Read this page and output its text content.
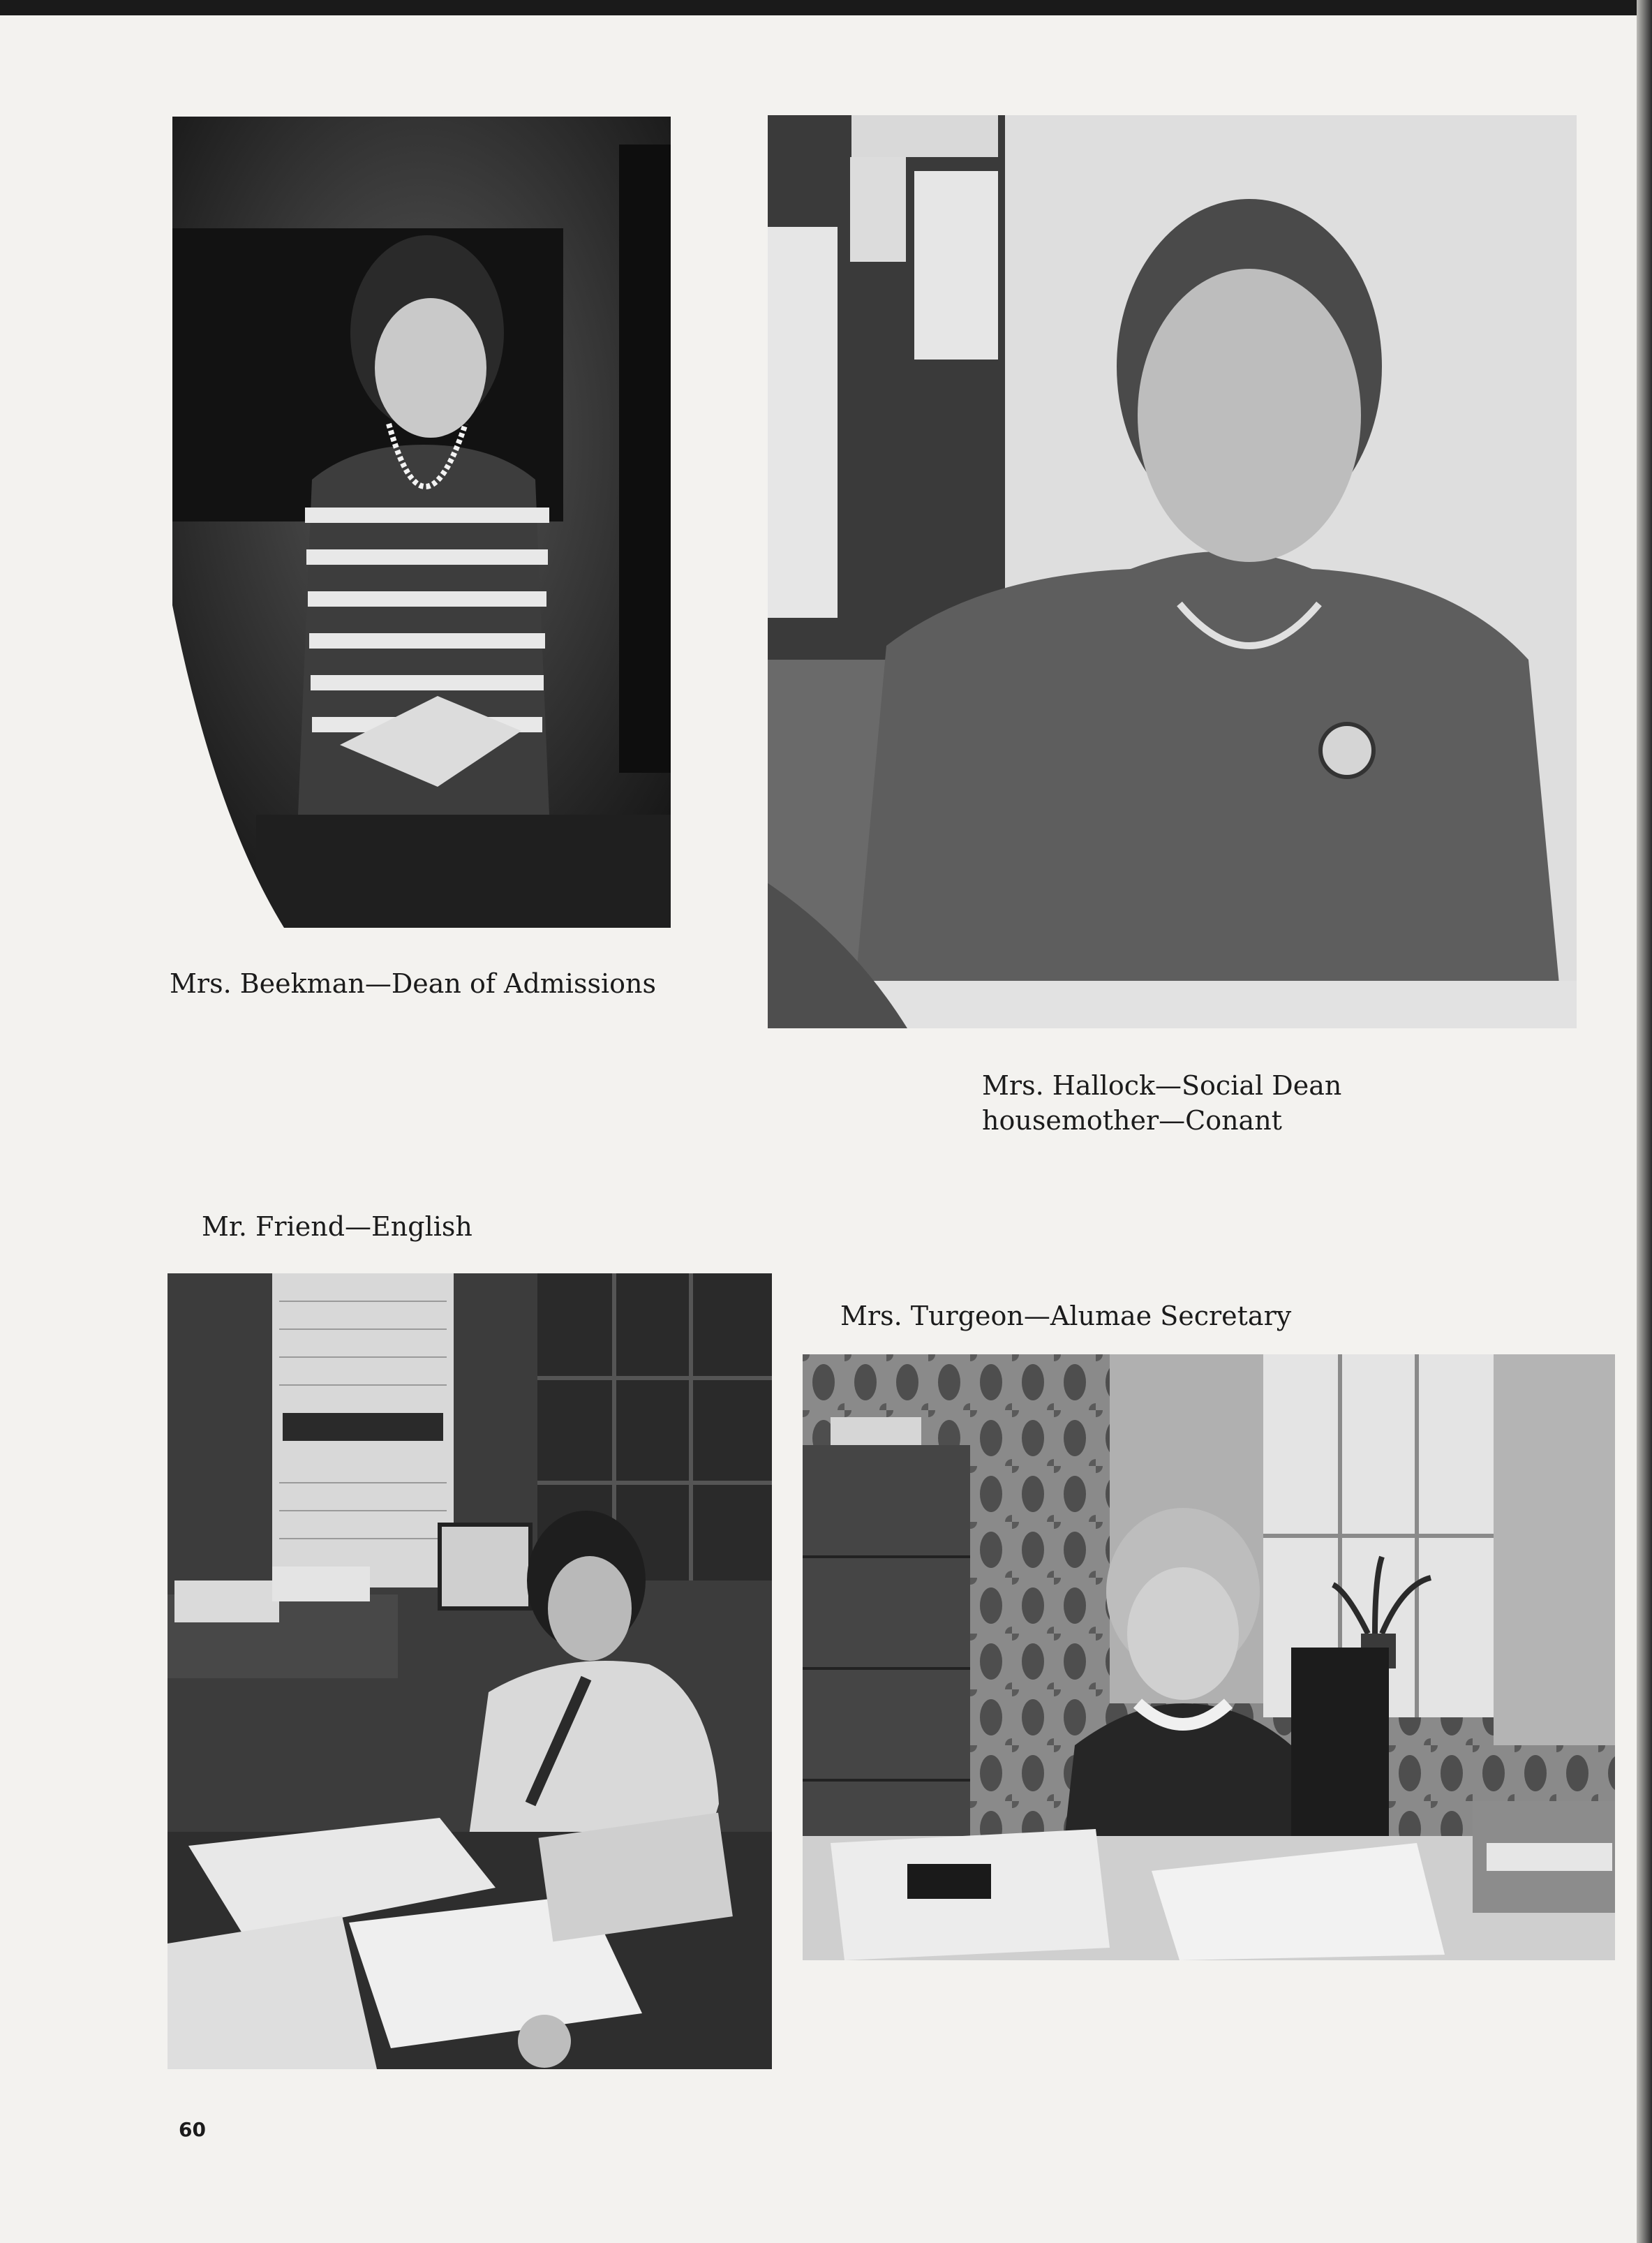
Mrs. Beekman—Dean of Admissions
Mrs. Hallock—Social Dean
housemother—Conant
Mr. Friend—English
Mrs. Turgeon—Alumae Secretary
60
